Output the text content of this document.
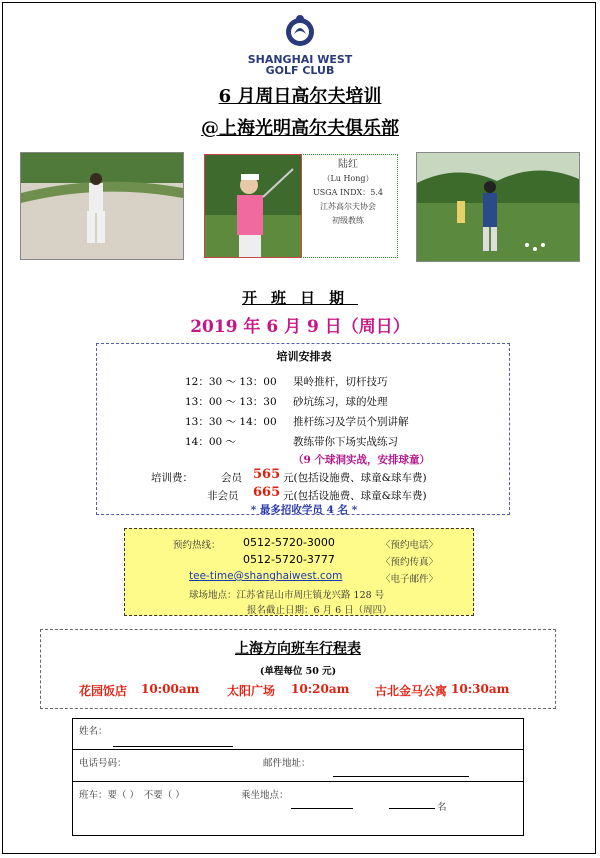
SHANGHAI WEST
GOLF CLUB
6 月周日高尔夫培训
@上海光明高尔夫俱乐部
陆红
（Lu Hong）
USGA INDX：5.4
江苏高尔夫协会
初级教练
开班日期
2019 年 6 月 9 日（周日）
培训安排表
12：30 ～ 13：00 果岭推杆，切杆技巧
13：00 ～ 13：30 砂坑练习，球的处理
13：30 ～ 14：00 推杆练习及学员个别讲解
14：00 ～	教练带你下场实战练习
（9 个球洞实战，安排球童）
培训费：	会员 565 元(包括设施费、球童&球车费)
非会员 665 元(包括设施费、球童&球车费)
* 最多招收学员 4 名 *
预约热线： 0512-5720-3000	〈预约电话〉
0512-5720-3777	〈预约传真〉
tee-time@shanghaiwest.com	〈电子邮件〉
球场地点：江苏省昆山市周庄镇龙兴路 128 号
报名截止日期：6 月 6 日（周四）
上海方向班车行程表
(单程每位 50 元)
花园饭店 10:00am 太阳广场 10:20am 古北金马公寓 10:30am
姓名：
电话号码：	邮件地址：
班车：要（ ）　不要（ ）	乘坐地点：
名
